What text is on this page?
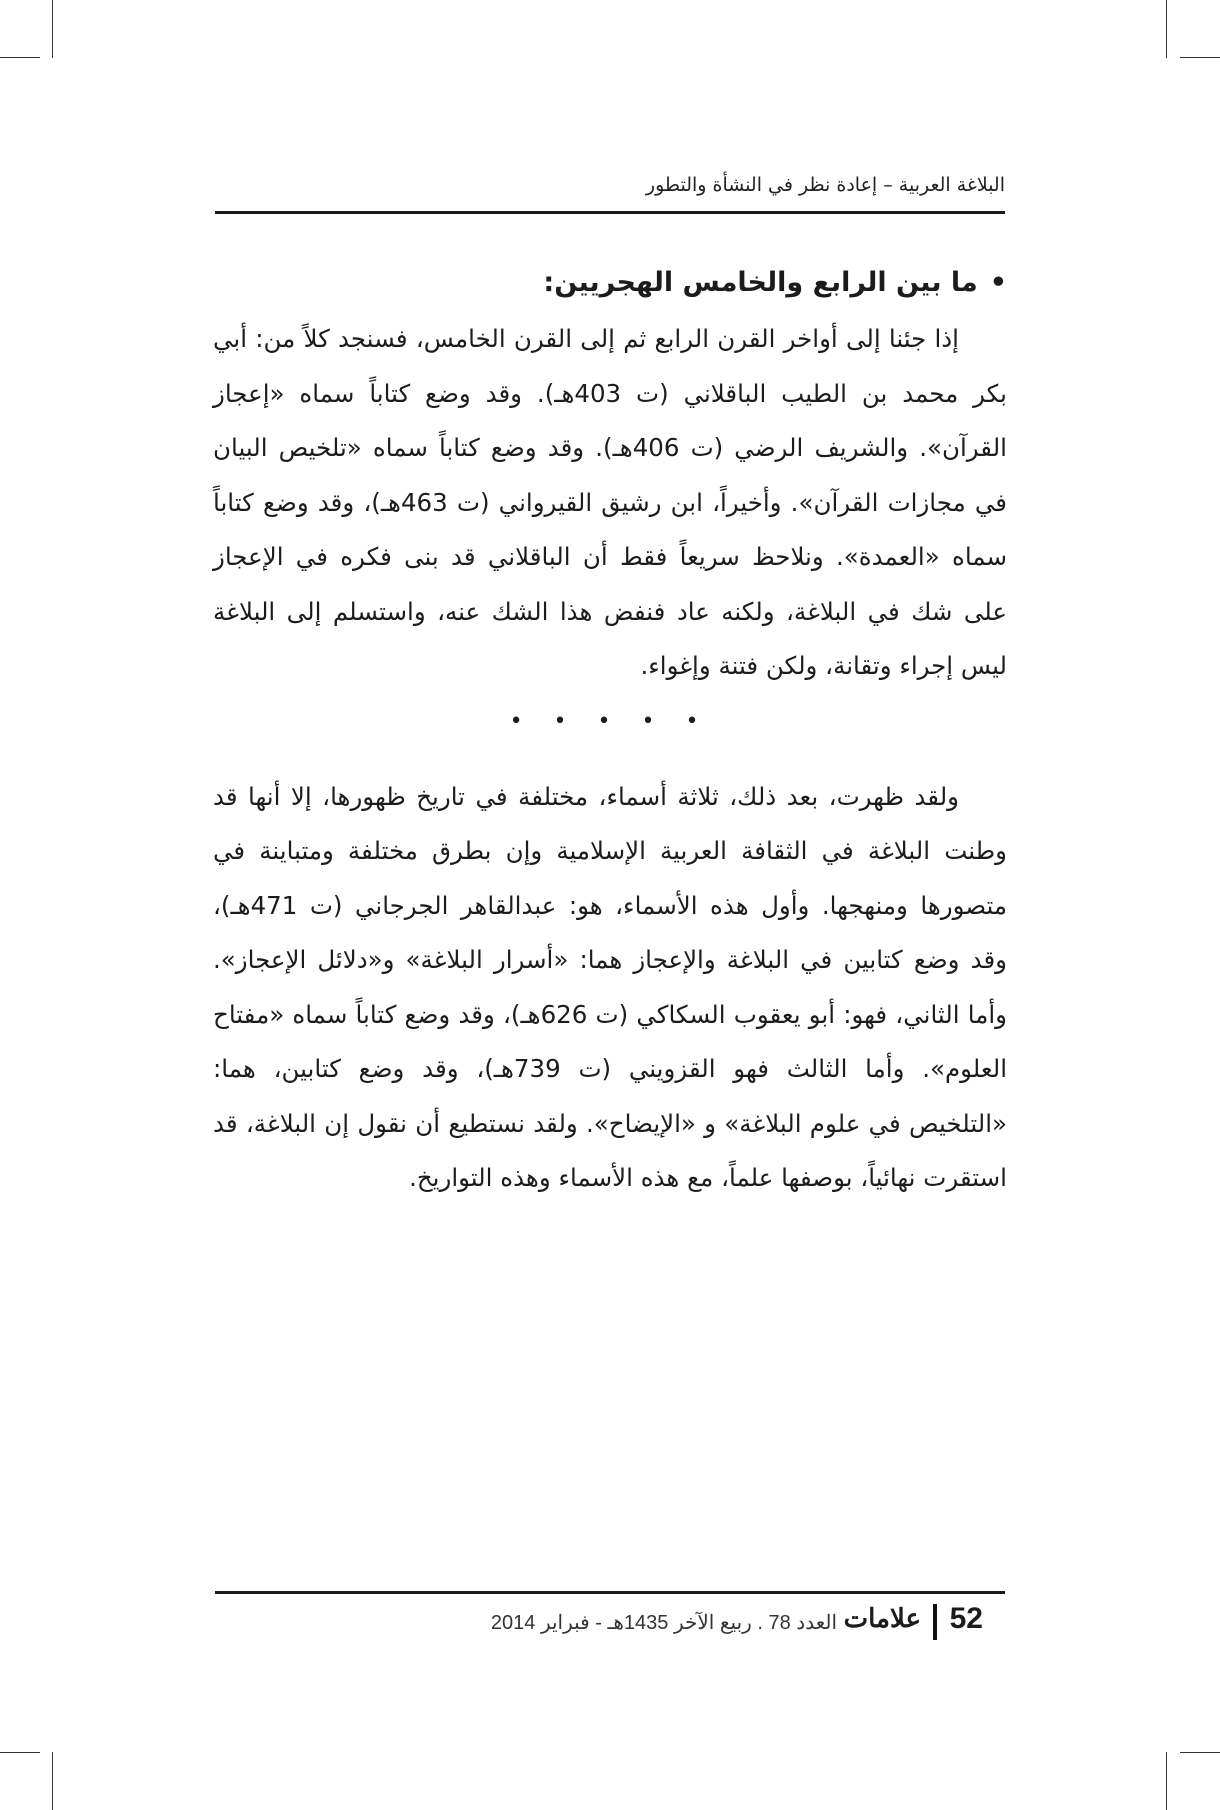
البلاغة العربية – إعادة نظر في النشأة والتطور
•ما بين الرابع والخامس الهجريين:

إذا جئنا إلى أواخر القرن الرابع ثم إلى القرن الخامس، فسنجد كلاً من: أبي بكر محمد بن الطيب الباقلاني (ت 403هـ). وقد وضع كتاباً سماه «إعجاز القرآن». والشريف الرضي (ت 406هـ). وقد وضع كتاباً سماه «تلخيص البيان في مجازات القرآن». وأخيراً، ابن رشيق القيرواني (ت 463هـ)، وقد وضع كتاباً سماه «العمدة». ونلاحظ سريعاً فقط أن الباقلاني قد بنى فكره في الإعجاز على شك في البلاغة، ولكنه عاد فنفض هذا الشك عنه، واستسلم إلى البلاغة ليس إجراء وتقانة، ولكن فتنة وإغواء.

• • • • •

ولقد ظهرت، بعد ذلك، ثلاثة أسماء، مختلفة في تاريخ ظهورها، إلا أنها قد وطنت البلاغة في الثقافة العربية الإسلامية وإن بطرق مختلفة ومتباينة في متصورها ومنهجها. وأول هذه الأسماء، هو: عبدالقاهر الجرجاني (ت 471هـ)، وقد وضع كتابين في البلاغة والإعجاز هما: «أسرار البلاغة» و«دلائل الإعجاز». وأما الثاني، فهو: أبو يعقوب السكاكي (ت 626هـ)، وقد وضع كتاباً سماه «مفتاح العلوم». وأما الثالث فهو القزويني (ت 739هـ)، وقد وضع كتابين، هما: «التلخيص في علوم البلاغة» و «الإيضاح». ولقد نستطيع أن نقول إن البلاغة، قد استقرت نهائياً، بوصفها علماً، مع هذه الأسماء وهذه التواريخ.

52
علامات
العدد 78 . ربيع الآخر 1435هـ - فبراير 2014
